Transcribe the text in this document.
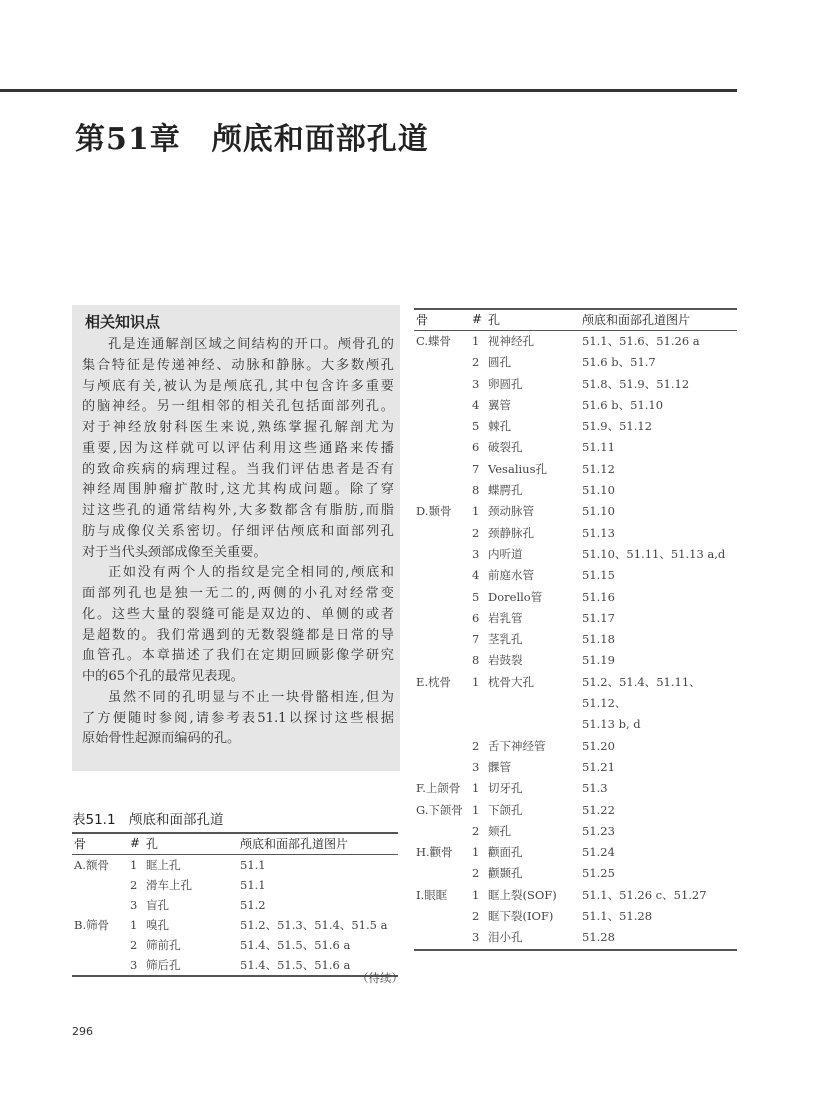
第51章　颅底和面部孔道
相关知识点
孔是连通解剖区域之间结构的开口。颅骨孔的
集合特征是传递神经、动脉和静脉。大多数颅孔
与颅底有关,被认为是颅底孔,其中包含许多重要
的脑神经。另一组相邻的相关孔包括面部列孔。
对于神经放射科医生来说,熟练掌握孔解剖尤为
重要,因为这样就可以评估利用这些通路来传播
的致命疾病的病理过程。当我们评估患者是否有
神经周围肿瘤扩散时,这尤其构成问题。除了穿
过这些孔的通常结构外,大多数都含有脂肪,而脂
肪与成像仪关系密切。仔细评估颅底和面部列孔
对于当代头颈部成像至关重要。
正如没有两个人的指纹是完全相同的,颅底和
面部列孔也是独一无二的,两侧的小孔对经常变
化。这些大量的裂缝可能是双边的、单侧的或者
是超数的。我们常遇到的无数裂缝都是日常的导
血管孔。本章描述了我们在定期回顾影像学研究
中的65个孔的最常见表现。
虽然不同的孔明显与不止一块骨骼相连,但为
了方便随时参阅,请参考表51.1以探讨这些根据
原始骨性起源而编码的孔。
骨	#	孔	颅底和面部孔道图片
C.蝶骨	1	视神经孔	51.1、51.6、51.26 a
	2	圆孔	51.6 b、51.7
	3	卵圆孔	51.8、51.9、51.12
	4	翼管	51.6 b、51.10
	5	棘孔	51.9、51.12
	6	破裂孔	51.11
	7	Vesalius孔	51.12
	8	蝶腭孔	51.10
D.颞骨	1	颈动脉管	51.10
	2	颈静脉孔	51.13
	3	内听道	51.10、51.11、51.13 a,d
	4	前庭水管	51.15
	5	Dorello管	51.16
	6	岩乳管	51.17
	7	茎乳孔	51.18
	8	岩鼓裂	51.19
E.枕骨	1	枕骨大孔	51.2、51.4、51.11、51.12、
51.13 b, d
	2	舌下神经管	51.20
	3	髁管	51.21
F.上颌骨	1	切牙孔	51.3
G.下颌骨	1	下颌孔	51.22
	2	颏孔	51.23
H.颧骨	1	颧面孔	51.24
	2	颧颞孔	51.25
I.眼眶	1	眶上裂(SOF)	51.1、51.26 c、51.27
	2	眶下裂(IOF)	51.1、51.28
	3	泪小孔	51.28
表51.1　颅底和面部孔道
骨	#	孔	颅底和面部孔道图片
A.额骨	1	眶上孔	51.1
	2	滑车上孔	51.1
	3	盲孔	51.2
B.筛骨	1	嗅孔	51.2、51.3、51.4、51.5 a
	2	筛前孔	51.4、51.5、51.6 a
	3	筛后孔	51.4、51.5、51.6 a
（待续）
296
